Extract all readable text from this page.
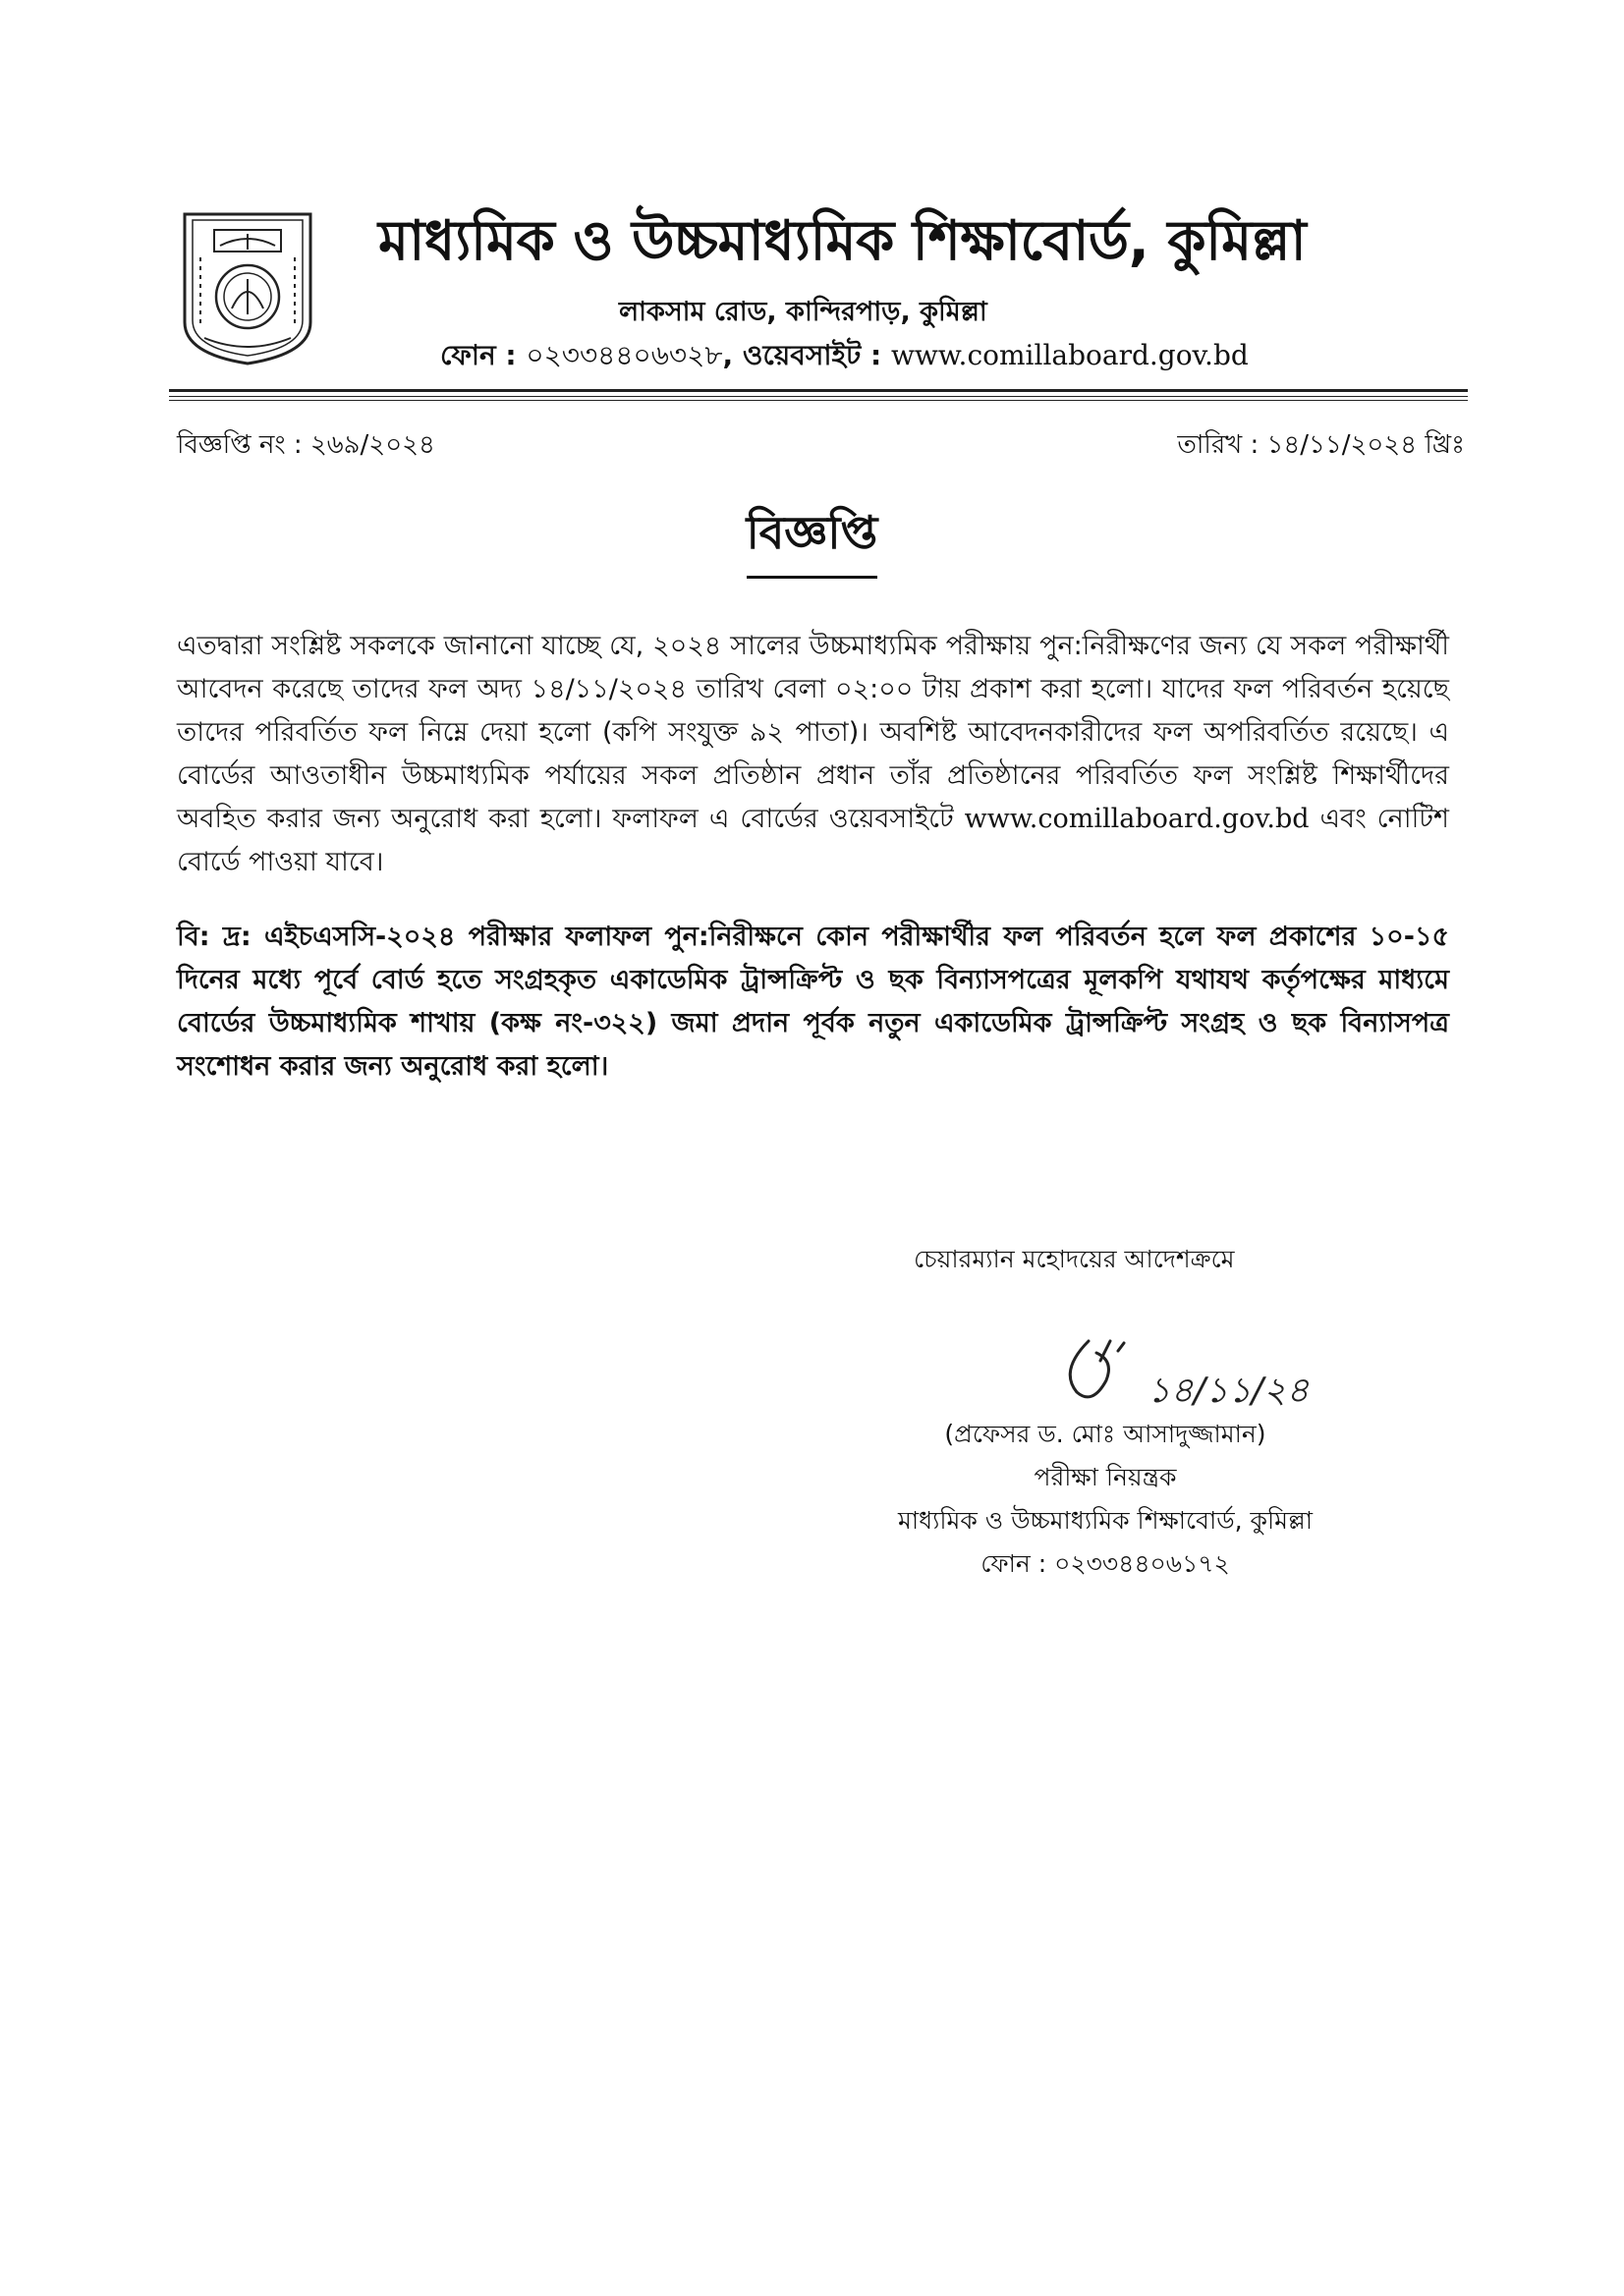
মাধ্যমিক ও উচ্চমাধ্যমিক শিক্ষাবোর্ড, কুমিল্লা
লাকসাম রোড, কান্দিরপাড়, কুমিল্লা
ফোন : ০২৩৩৪৪০৬৩২৮, ওয়েবসাইট : www.comillaboard.gov.bd
বিজ্ঞপ্তি নং : ২৬৯/২০২৪	তারিখ : ১৪/১১/২০২৪ খ্রিঃ
বিজ্ঞপ্তি
এতদ্বারা সংশ্লিষ্ট সকলকে জানানো যাচ্ছে যে, ২০২৪ সালের উচ্চমাধ্যমিক পরীক্ষায় পুন:নিরীক্ষণের জন্য যে সকল পরীক্ষার্থী আবেদন করেছে তাদের ফল অদ্য ১৪/১১/২০২৪ তারিখ বেলা ০২:০০ টায় প্রকাশ করা হলো। যাদের ফল পরিবর্তন হয়েছে তাদের পরিবর্তিত ফল নিম্নে দেয়া হলো (কপি সংযুক্ত ৯২ পাতা)। অবশিষ্ট আবেদনকারীদের ফল অপরিবর্তিত রয়েছে। এ বোর্ডের আওতাধীন উচ্চমাধ্যমিক পর্যায়ের সকল প্রতিষ্ঠান প্রধান তাঁর প্রতিষ্ঠানের পরিবর্তিত ফল সংশ্লিষ্ট শিক্ষার্থীদের অবহিত করার জন্য অনুরোধ করা হলো। ফলাফল এ বোর্ডের ওয়েবসাইটে www.comillaboard.gov.bd এবং নোটিশ বোর্ডে পাওয়া যাবে।
বি: দ্র: এইচএসসি-২০২৪ পরীক্ষার ফলাফল পুন:নিরীক্ষনে কোন পরীক্ষার্থীর ফল পরিবর্তন হলে ফল প্রকাশের ১০-১৫ দিনের মধ্যে পূর্বে বোর্ড হতে সংগ্রহকৃত একাডেমিক ট্রান্সক্রিপ্ট ও ছক বিন্যাসপত্রের মূলকপি যথাযথ কর্তৃপক্ষের মাধ্যমে বোর্ডের উচ্চমাধ্যমিক শাখায় (কক্ষ নং-৩২২) জমা প্রদান পূর্বক নতুন একাডেমিক ট্রান্সক্রিপ্ট সংগ্রহ ও ছক বিন্যাসপত্র সংশোধন করার জন্য অনুরোধ করা হলো।
চেয়ারম্যান মহোদয়ের আদেশক্রমে
১৪/১১/২৪
(প্রফেসর ড. মোঃ আসাদুজ্জামান)
পরীক্ষা নিয়ন্ত্রক
মাধ্যমিক ও উচ্চমাধ্যমিক শিক্ষাবোর্ড, কুমিল্লা
ফোন : ০২৩৩৪৪০৬১৭২
